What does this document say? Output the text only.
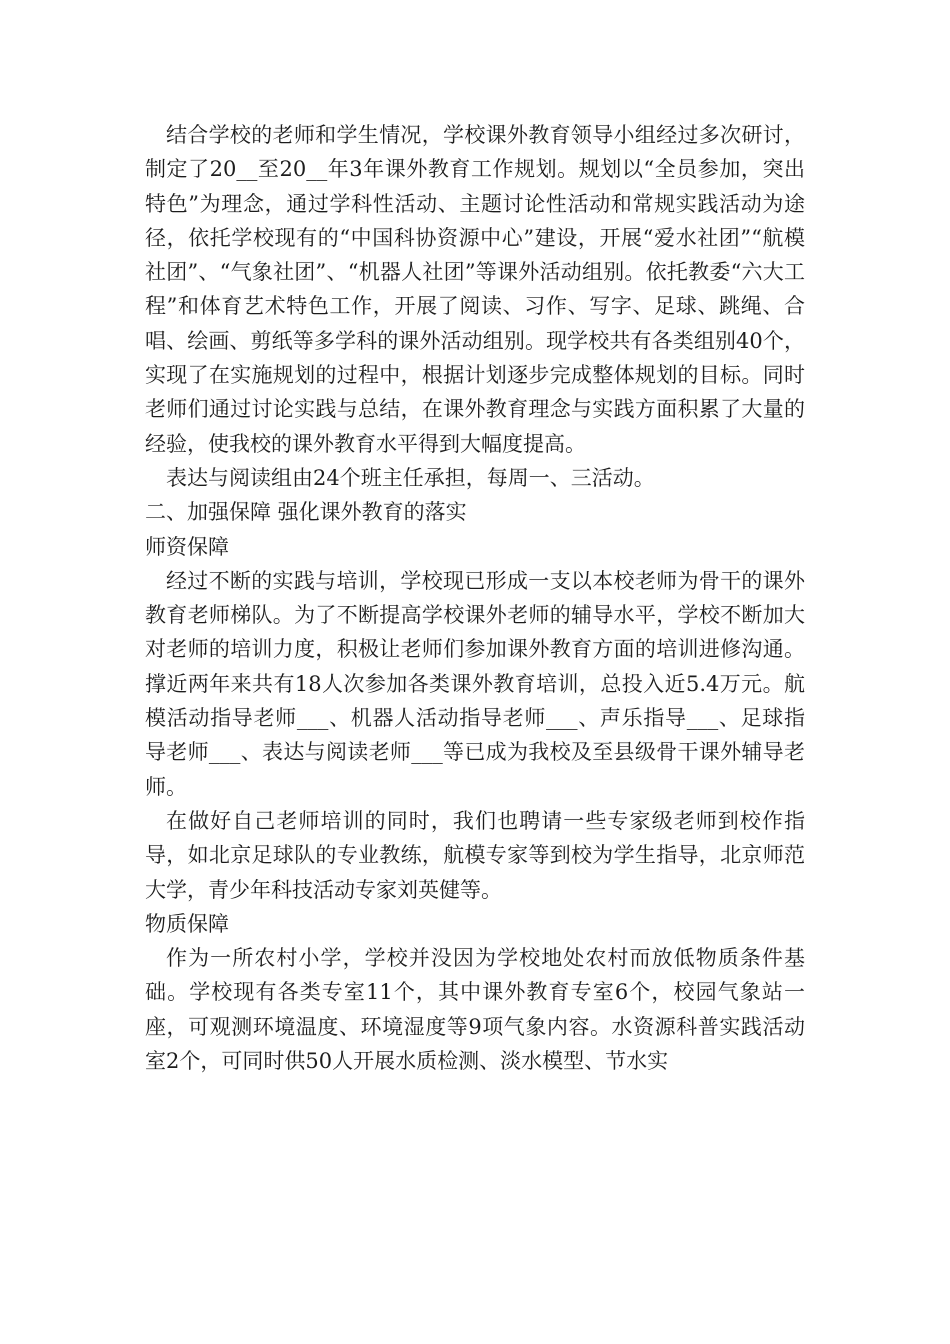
结合学校的老师和学生情况，学校课外教育领导小组经过多次研讨，制定了20__至20__年3年课外教育工作规划。规划以“全员参加，突出特色”为理念，通过学科性活动、主题讨论性活动和常规实践活动为途径，依托学校现有的“中国科协资源中心”建设，开展“爱水社团”“航模社团”、“气象社团”、“机器人社团”等课外活动组别。依托教委“六大工程”和体育艺术特色工作，开展了阅读、习作、写字、足球、跳绳、合唱、绘画、剪纸等多学科的课外活动组别。现学校共有各类组别40个，实现了在实施规划的过程中，根据计划逐步完成整体规划的目标。同时老师们通过讨论实践与总结，在课外教育理念与实践方面积累了大量的经验，使我校的课外教育水平得到大幅度提高。

表达与阅读组由24个班主任承担，每周一、三活动。

二、加强保障 强化课外教育的落实

师资保障

经过不断的实践与培训，学校现已形成一支以本校老师为骨干的课外教育老师梯队。为了不断提高学校课外老师的辅导水平，学校不断加大对老师的培训力度，积极让老师们参加课外教育方面的培训进修沟通。撑近两年来共有18人次参加各类课外教育培训，总投入近5.4万元。航模活动指导老师___、机器人活动指导老师___、声乐指导___、足球指导老师___、表达与阅读老师___等已成为我校及至县级骨干课外辅导老师。

在做好自己老师培训的同时，我们也聘请一些专家级老师到校作指导，如北京足球队的专业教练，航模专家等到校为学生指导，北京师范大学，青少年科技活动专家刘英健等。

物质保障

作为一所农村小学，学校并没因为学校地处农村而放低物质条件基础。学校现有各类专室11个，其中课外教育专室6个，校园气象站一座，可观测环境温度、环境湿度等9项气象内容。水资源科普实践活动室2个，可同时供50人开展水质检测、淡水模型、节水实
